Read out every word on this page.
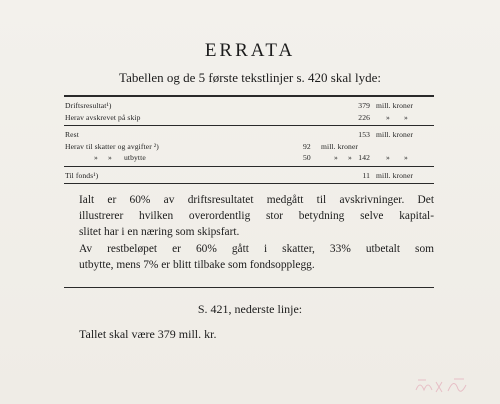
ERRATA
Tabellen og de 5 første tekstlinjer s. 420 skal lyde:
Driftsresultat¹)	379 mill. kroner
Herav avskrevet på skip	226 » »
Rest	153 mill. kroner
Herav til skatter og avgifter ²)	92 mill. kroner
» » utbytte	50	» » 142 » »
Til fonds¹)	11 mill. kroner
Ialt er 60% av driftsresultatet medgått til avskrivninger. Det
illustrerer hvilken overordentlig stor betydning selve kapital-
slitet har i en næring som skipsfart.
Av restbeløpet er 60% gått i skatter, 33% utbetalt som
utbytte, mens 7% er blitt tilbake som fondsopplegg.
S. 421, nederste linje:
Tallet skal være 379 mill. kr.
